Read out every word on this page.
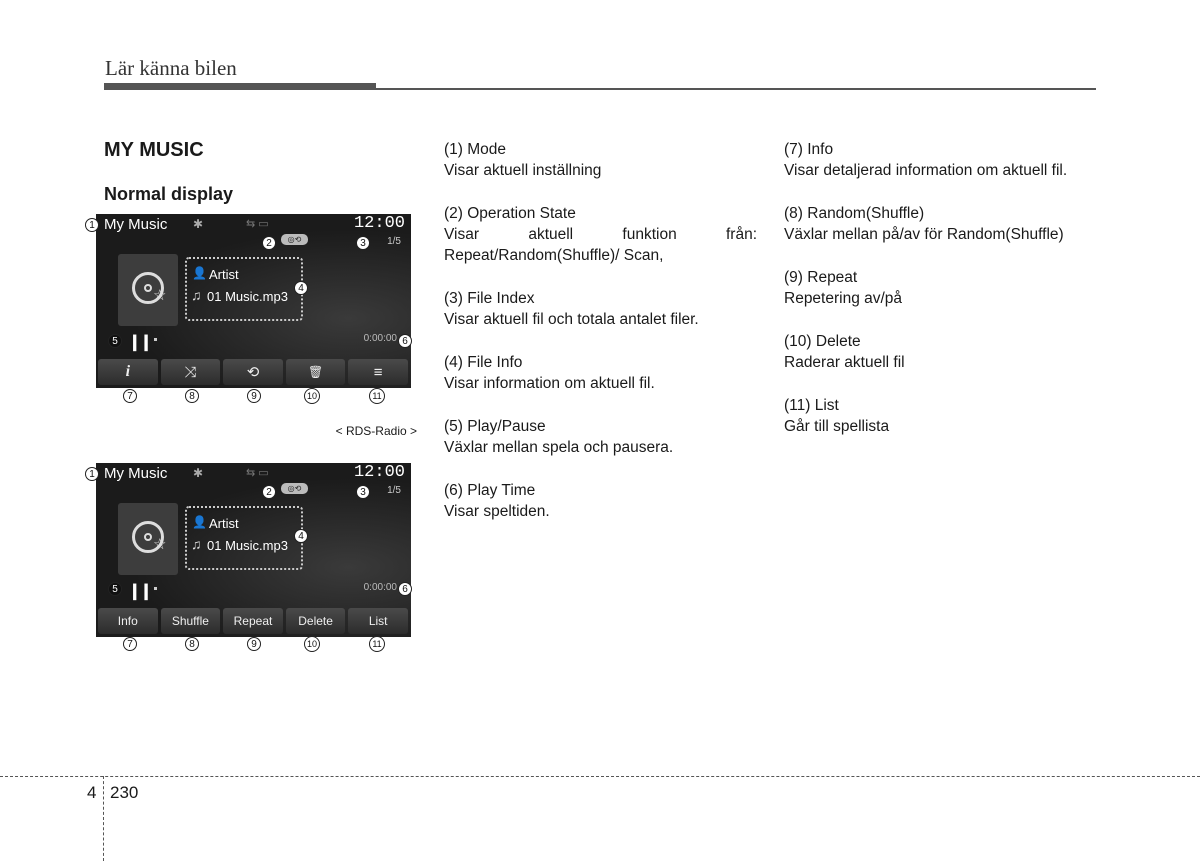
Lär känna bilen
MY MUSIC
Normal display
My Music ✱	⇆ ▭	12:00
◎⟲	1/5
☆
👤 Artist
♫ 01 Music.mp3
❙❙	0:00:00
i	⤨	⟲	🗑	≡
1
2	3
4
5	6
7	8	9	10	11
< RDS-Radio >
My Music ✱	⇆ ▭	12:00
◎⟲	1/5
☆
👤 Artist
♫ 01 Music.mp3
❙❙	0:00:00
Info	Shuffle	Repeat	Delete	List
1
2	3
4
5	6
7	8	9	10	11
(1) Mode
Visar aktuell inställning
(2) Operation State
Visar aktuell funktion från:
Repeat/Random(Shuffle)/ Scan,
(3) File Index
Visar aktuell fil och totala antalet filer.
(4) File Info
Visar information om aktuell fil.
(5) Play/Pause
Växlar mellan spela och pausera.
(6) Play Time
Visar speltiden.
(7) Info
Visar detaljerad information om aktuell fil.
(8) Random(Shuffle)
Växlar mellan på/av för Random(Shuffle)
(9) Repeat
Repetering av/på
(10) Delete
Raderar aktuell fil
(11) List
Går till spellista
4 230
